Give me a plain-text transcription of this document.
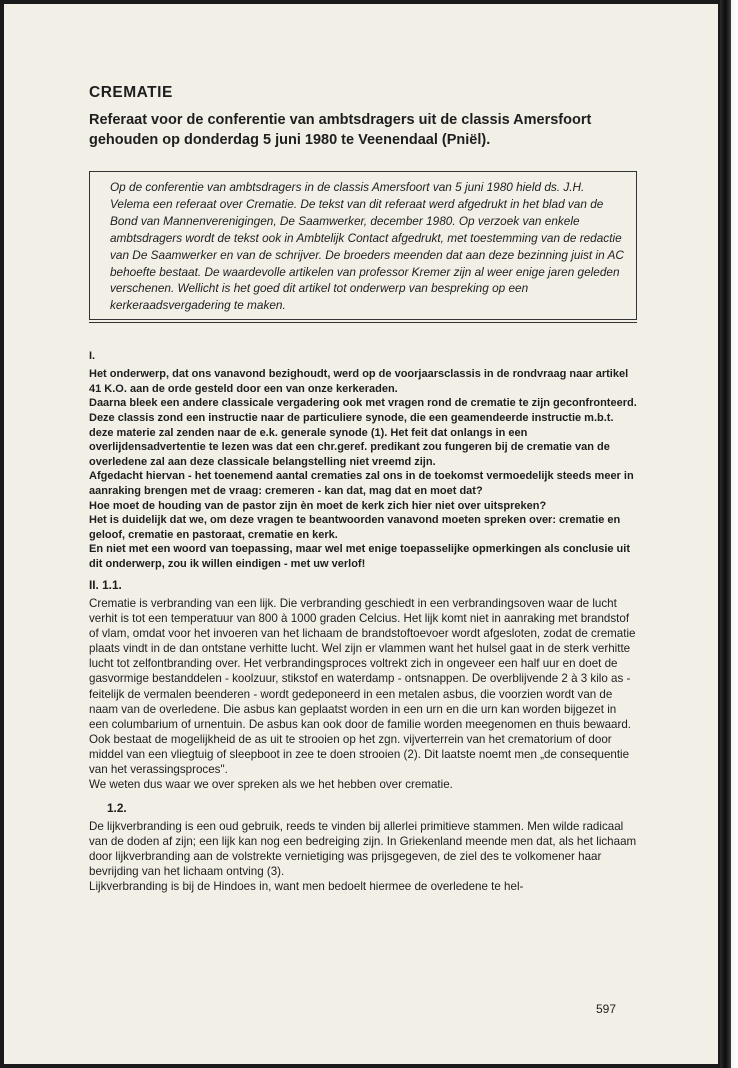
CREMATIE
Referaat voor de conferentie van ambtsdragers uit de classis Amersfoort gehouden op donderdag 5 juni 1980 te Veenendaal (Pniël).

Op de conferentie van ambtsdragers in de classis Amersfoort van 5 juni 1980 hield ds. J.H. Velema een referaat over Crematie. De tekst van dit referaat werd afgedrukt in het blad van de Bond van Mannenverenigingen, De Saamwerker, december 1980. Op verzoek van enkele ambtsdragers wordt de tekst ook in Ambtelijk Contact afgedrukt, met toestemming van de redactie van De Saamwerker en van de schrijver. De broeders meenden dat aan deze bezinning juist in AC behoefte bestaat. De waardevolle artikelen van professor Kremer zijn al weer enige jaren geleden verschenen. Wellicht is het goed dit artikel tot onderwerp van bespreking op een kerkeraadsvergadering te maken.

I.

Het onderwerp, dat ons vanavond bezighoudt, werd op de voorjaarsclassis in de rondvraag naar artikel 41 K.O. aan de orde gesteld door een van onze kerkeraden.

Daarna bleek een andere classicale vergadering ook met vragen rond de crematie te zijn geconfronteerd. Deze classis zond een instructie naar de particuliere synode, die een geamendeerde instructie m.b.t. deze materie zal zenden naar de e.k. generale synode (1). Het feit dat onlangs in een overlijdensadvertentie te lezen was dat een chr.geref. predikant zou fungeren bij de crematie van de overledene zal aan deze classicale belangstelling niet vreemd zijn.

Afgedacht hiervan - het toenemend aantal crematies zal ons in de toekomst vermoedelijk steeds meer in aanraking brengen met de vraag: cremeren - kan dat, mag dat en moet dat?

Hoe moet de houding van de pastor zijn èn moet de kerk zich hier niet over uitspreken?

Het is duidelijk dat we, om deze vragen te beantwoorden vanavond moeten spreken over: crematie en geloof, crematie en pastoraat, crematie en kerk.

En niet met een woord van toepassing, maar wel met enige toepasselijke opmerkingen als conclusie uit dit onderwerp, zou ik willen eindigen - met uw verlof!

II. 1.1.

Crematie is verbranding van een lijk. Die verbranding geschiedt in een verbrandingsoven waar de lucht verhit is tot een temperatuur van 800 à 1000 graden Celcius. Het lijk komt niet in aanraking met brandstof of vlam, omdat voor het invoeren van het lichaam de brandstoftoevoer wordt afgesloten, zodat de crematie plaats vindt in de dan ontstane verhitte lucht. Wel zijn er vlammen want het hulsel gaat in de sterk verhitte lucht tot zelfontbranding over. Het verbrandingsproces voltrekt zich in ongeveer een half uur en doet de gasvormige bestanddelen - koolzuur, stikstof en waterdamp - ontsnappen. De overblijvende 2 à 3 kilo as - feitelijk de vermalen beenderen - wordt gedeponeerd in een metalen asbus, die voorzien wordt van de naam van de overledene. Die asbus kan geplaatst worden in een urn en die urn kan worden bijgezet in een columbarium of urnentuin. De asbus kan ook door de familie worden meegenomen en thuis bewaard. Ook bestaat de mogelijkheid de as uit te strooien op het zgn. vijverterrein van het crematorium of door middel van een vliegtuig of sleepboot in zee te doen strooien (2). Dit laatste noemt men „de consequentie van het verassingsproces".

We weten dus waar we over spreken als we het hebben over crematie.

1.2.

De lijkverbranding is een oud gebruik, reeds te vinden bij allerlei primitieve stammen. Men wilde radicaal van de doden af zijn; een lijk kan nog een bedreiging zijn. In Griekenland meende men dat, als het lichaam door lijkverbranding aan de volstrekte vernietiging was prijsgegeven, de ziel des te volkomener haar bevrijding van het lichaam ontving (3).

Lijkverbranding is bij de Hindoes in, want men bedoelt hiermee de overledene te hel-

597
